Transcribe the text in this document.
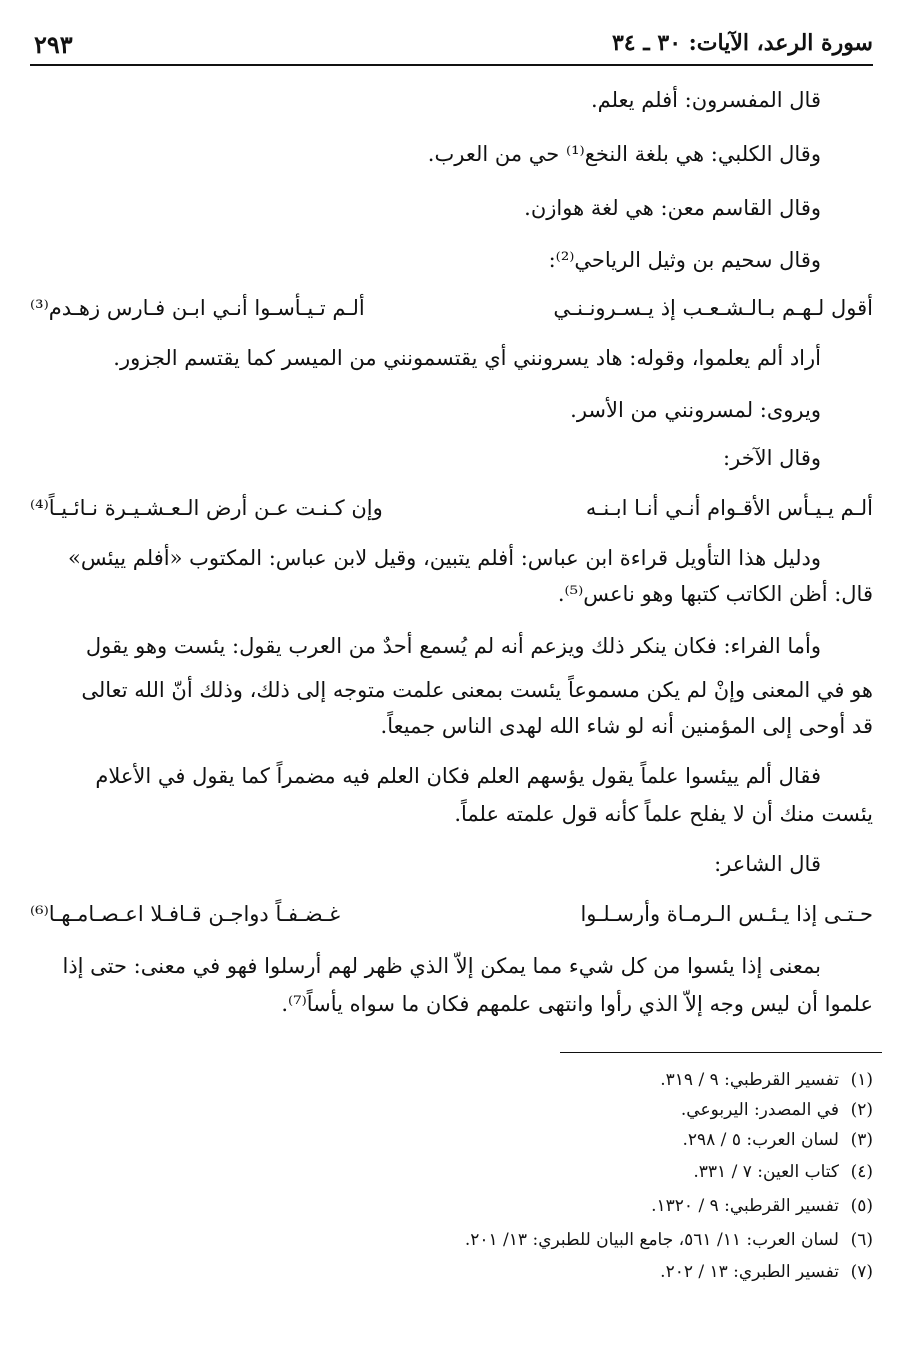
سورة الرعد، الآيات: ٣٠ ـ ٣٤
٢٩٣
قال المفسرون: أفلم يعلم.
وقال الكلبي: هي بلغة النخع⁽¹⁾ حي من العرب.
وقال القاسم معن: هي لغة هوازن.
وقال سحيم بن وثيل الرياحي⁽²⁾:
أقول لـهـم بـالـشـعـب إذ يـسـرونـنـي
ألـم تـيـأسـوا أنـي ابـن فـارس زهـدم⁽³⁾
أراد ألم يعلموا، وقوله: هاد يسرونني أي يقتسمونني من الميسر كما يقتسم الجزور.
ويروى: لمسرونني من الأسر.
وقال الآخر:
ألـم يـيـأس الأقـوام أنـي أنـا ابـنـه
وإن كـنـت عـن أرض الـعـشـيـرة نـائـيـاً⁽⁴⁾
ودليل هذا التأويل قراءة ابن عباس: أفلم يتبين، وقيل لابن عباس: المكتوب «أفلم ييئس»
قال: أظن الكاتب كتبها وهو ناعس⁽⁵⁾.
وأما الفراء: فكان ينكر ذلك ويزعم أنه لم يُسمع أحدٌ من العرب يقول: يئست وهو يقول
هو في المعنى وإنْ لم يكن مسموعاً يئست بمعنى علمت متوجه إلى ذلك، وذلك أنّ الله تعالى
قد أوحى إلى المؤمنين أنه لو شاء الله لهدى الناس جميعاً.
فقال ألم ييئسوا علماً يقول يؤسهم العلم فكان العلم فيه مضمراً كما يقول في الأعلام
يئست منك أن لا يفلح علماً كأنه قول علمته علماً.
قال الشاعر:
حـتـى إذا يـئـس الـرمـاة وأرسـلـوا
غـضـفـاً دواجـن قـافـلا اعـصـامـهـا⁽⁶⁾
بمعنى إذا يئسوا من كل شيء مما يمكن إلاّ الذي ظهر لهم أرسلوا فهو في معنى: حتى إذا
علموا أن ليس وجه إلاّ الذي رأوا وانتهى علمهم فكان ما سواه يأساً⁽⁷⁾.
(١)تفسير القرطبي: ٩ / ٣١٩.
(٢)في المصدر: اليربوعي.
(٣)لسان العرب: ٥ / ٢٩٨.
(٤)كتاب العين: ٧ / ٣٣١.
(٥)تفسير القرطبي: ٩ / ١٣٢٠.
(٦)لسان العرب: ١١/ ٥٦١، جامع البيان للطبري: ١٣/ ٢٠١.
(٧)تفسير الطبري: ١٣ / ٢٠٢.
